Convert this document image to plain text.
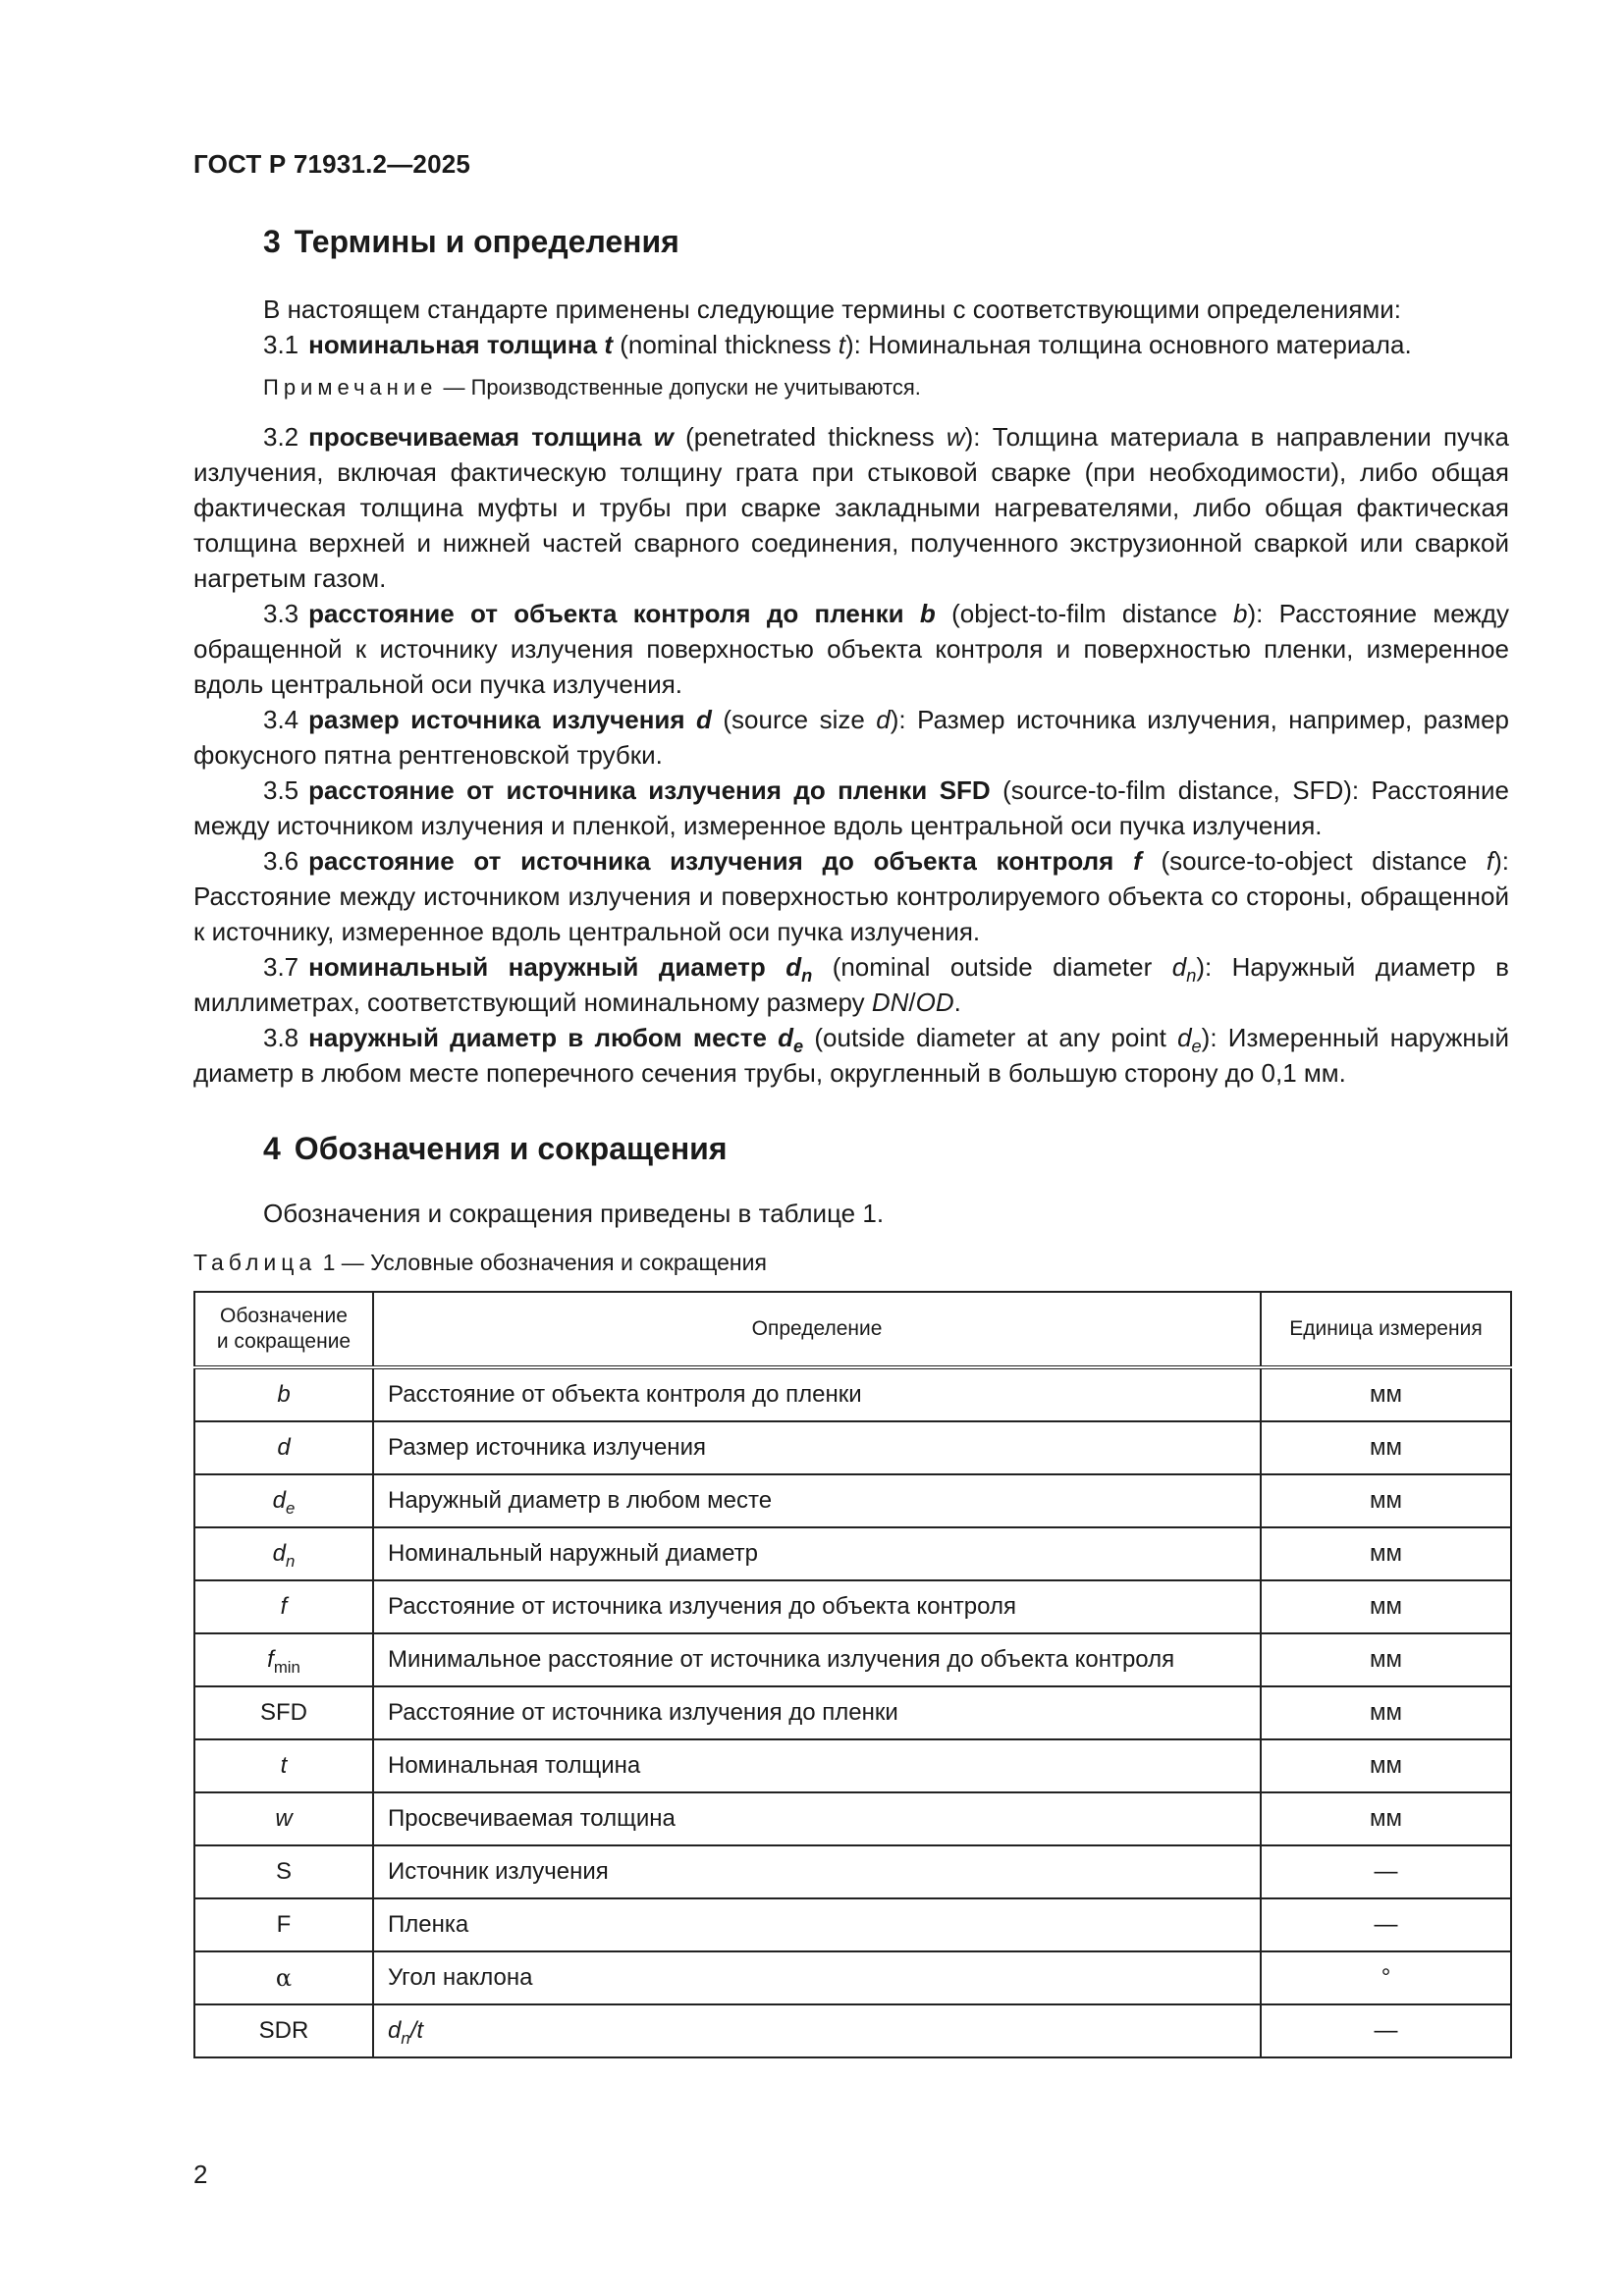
ГОСТ Р 71931.2—2025
3 Термины и определения
В настоящем стандарте применены следующие термины с соответствующими определениями:
3.1 номинальная толщина t (nominal thickness t): Номинальная толщина основного материала.
Примечание — Производственные допуски не учитываются.
3.2 просвечиваемая толщина w (penetrated thickness w): Толщина материала в направлении пучка излучения, включая фактическую толщину грата при стыковой сварке (при необходимости), либо общая фактическая толщина муфты и трубы при сварке закладными нагревателями, либо общая фактическая толщина верхней и нижней частей сварного соединения, полученного экструзионной сваркой или сваркой нагретым газом.
3.3 расстояние от объекта контроля до пленки b (object-to-film distance b): Расстояние между обращенной к источнику излучения поверхностью объекта контроля и поверхностью пленки, измеренное вдоль центральной оси пучка излучения.
3.4 размер источника излучения d (source size d): Размер источника излучения, например, размер фокусного пятна рентгеновской трубки.
3.5 расстояние от источника излучения до пленки SFD (source-to-film distance, SFD): Расстояние между источником излучения и пленкой, измеренное вдоль центральной оси пучка излучения.
3.6 расстояние от источника излучения до объекта контроля f (source-to-object distance f): Расстояние между источником излучения и поверхностью контролируемого объекта со стороны, обращенной к источнику, измеренное вдоль центральной оси пучка излучения.
3.7 номинальный наружный диаметр $d_n$ (nominal outside diameter $d_n$): Наружный диаметр в миллиметрах, соответствующий номинальному размеру DN/OD.
3.8 наружный диаметр в любом месте $d_e$ (outside diameter at any point $d_e$): Измеренный наружный диаметр в любом месте поперечного сечения трубы, округленный в большую сторону до 0,1 мм.
4 Обозначения и сокращения
Обозначения и сокращения приведены в таблице 1.
Таблица 1 — Условные обозначения и сокращения
Обозначение
и сокращение	Определение	Единица измерения
b	Расстояние от объекта контроля до пленки	мм
d	Размер источника излучения	мм
$d_e$	Наружный диаметр в любом месте	мм
$d_n$	Номинальный наружный диаметр	мм
f	Расстояние от источника излучения до объекта контроля	мм
$f_{min}$	Минимальное расстояние от источника излучения до объекта контроля	мм
SFD	Расстояние от источника излучения до пленки	мм
t	Номинальная толщина	мм
w	Просвечиваемая толщина	мм
S	Источник излучения	—
F	Пленка	—
α	Угол наклона	°
SDR	$d_n/t$	—
2
